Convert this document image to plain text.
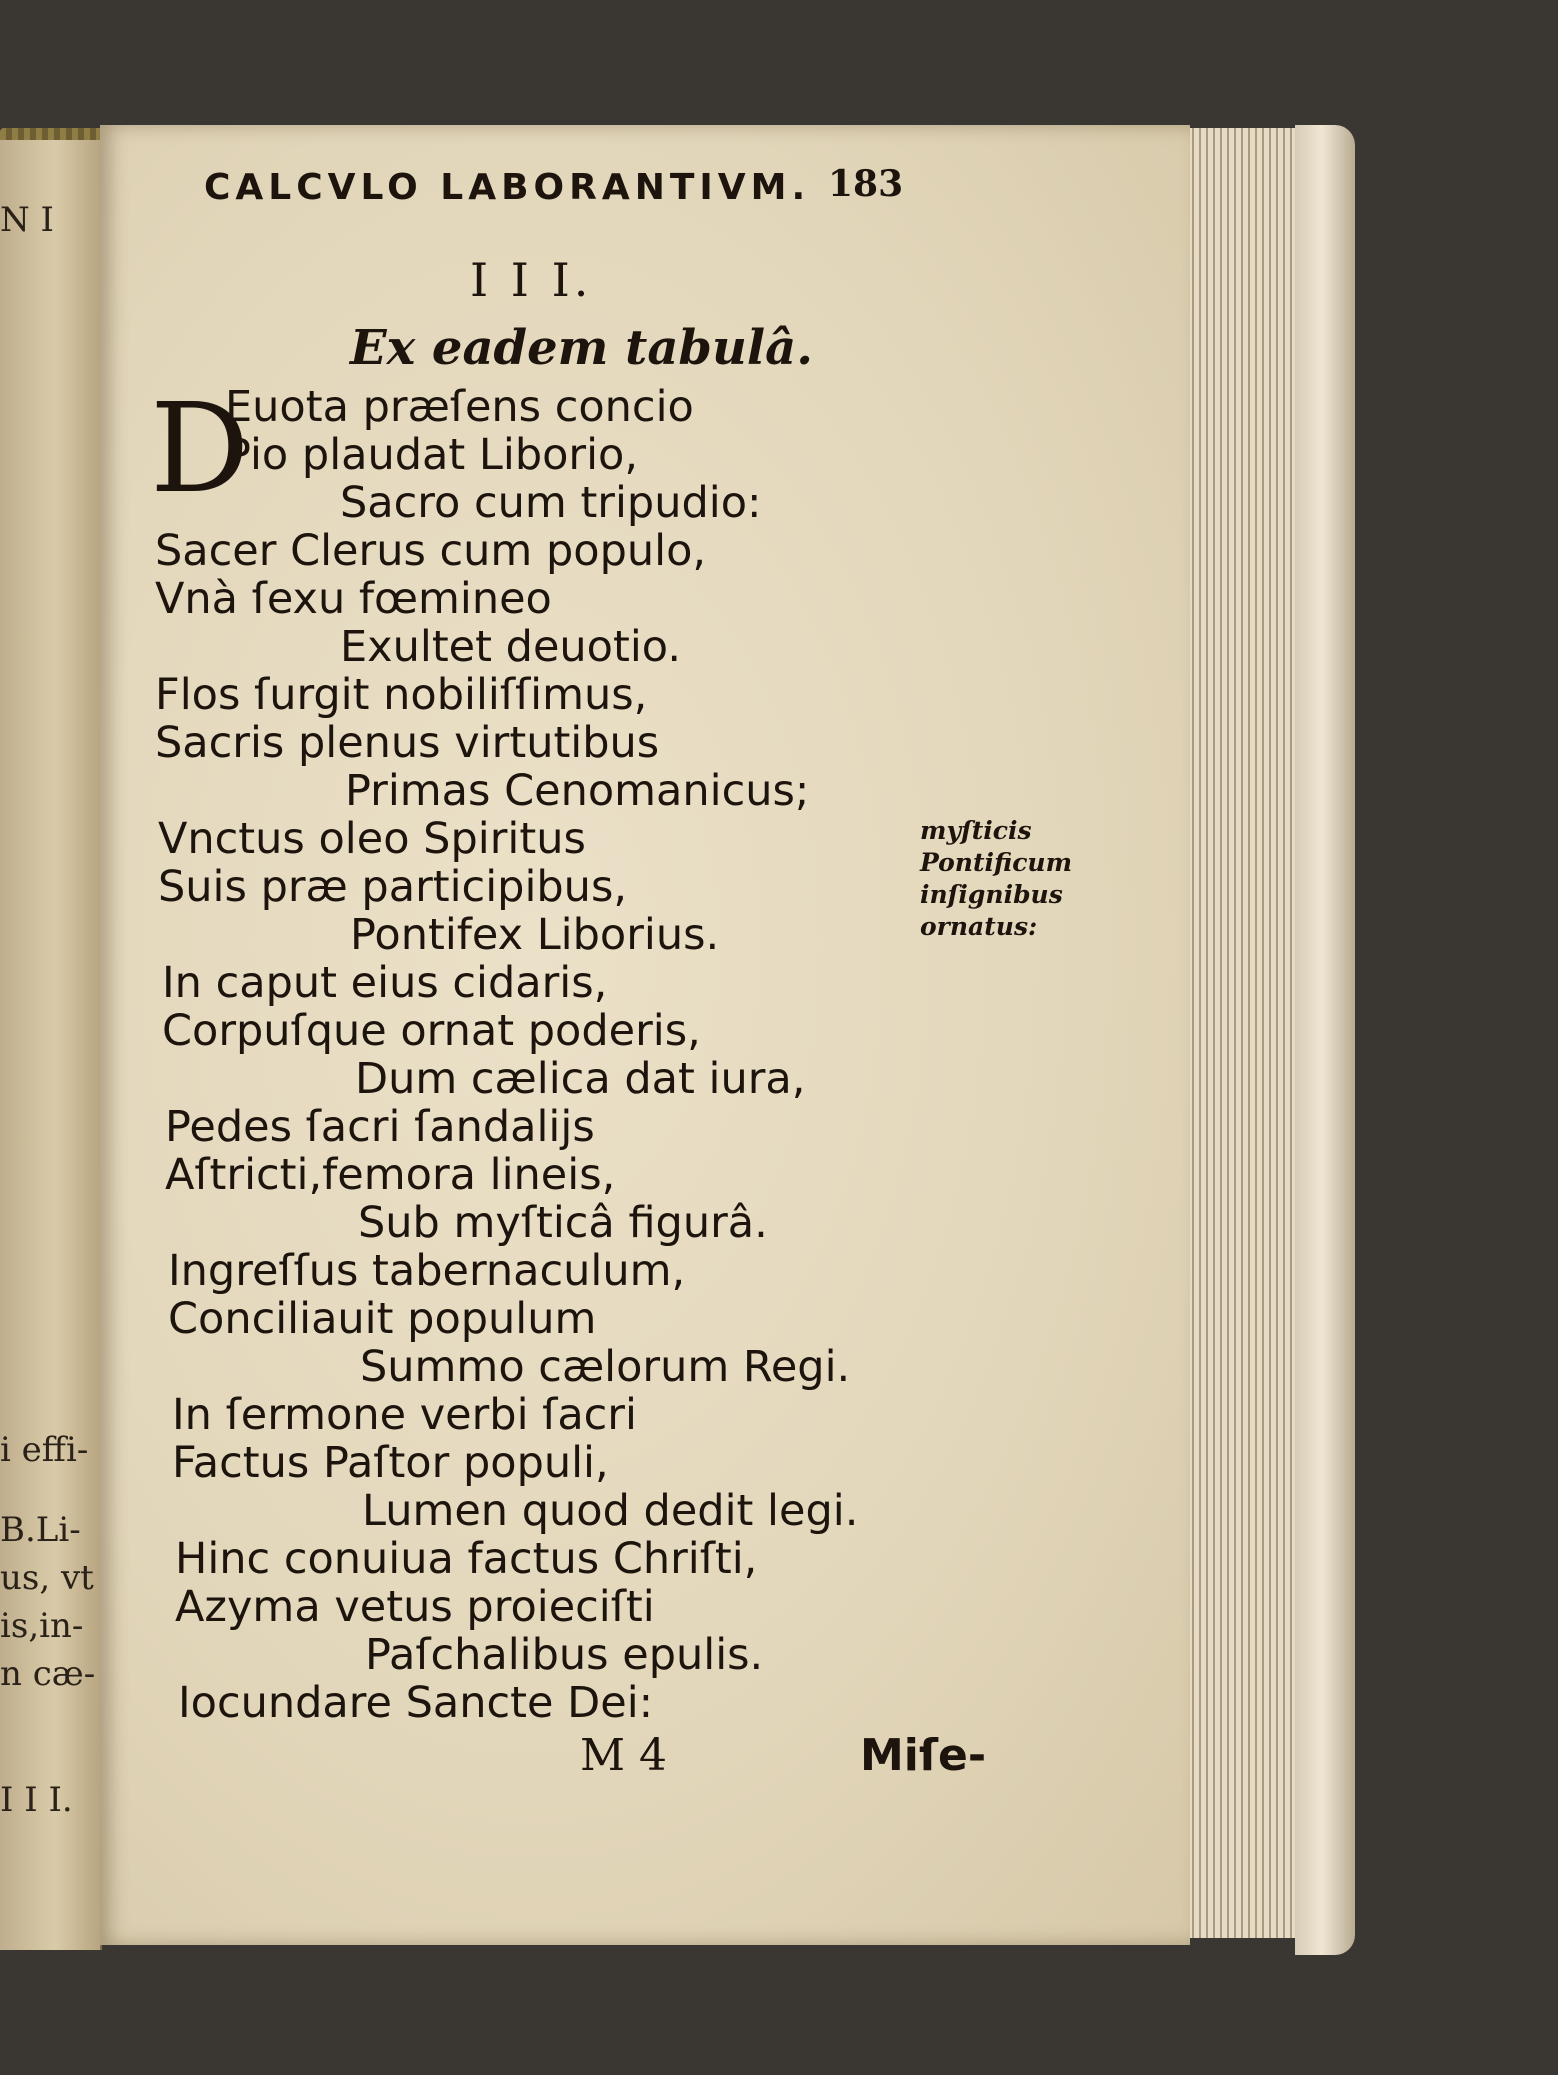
N I
i effi-
B.Li-
us, vt
is,in-
n cæ-
I I I.
CALCVLO LABORANTIVM. 183
I I I.
Ex eadem tabulâ.
D
Euota præſens concio
Pio plaudat Liborio,
Sacro cum tripudio:
Sacer Clerus cum populo,
Vnà ſexu fœmineo
Exultet deuotio.
Flos ſurgit nobiliſſimus,
Sacris plenus virtutibus
Primas Cenomanicus;
Vnctus oleo Spiritus
Suis præ participibus,
Pontifex Liborius.
In caput eius cidaris,
Corpuſque ornat poderis,
Dum cælica dat iura,
Pedes ſacri ſandalijs
Aſtricti,femora lineis,
Sub myſticâ figurâ.
Ingreſſus tabernaculum,
Conciliauit populum
Summo cælorum Regi.
In ſermone verbi ſacri
Factus Paſtor populi,
Lumen quod dedit legi.
Hinc conuiua factus Chriſti,
Azyma vetus proieciſti
Paſchalibus epulis.
Iocundare Sancte Dei:
myſticis
Pontificum
inſignibus
ornatus:
M 4	Miſe-
